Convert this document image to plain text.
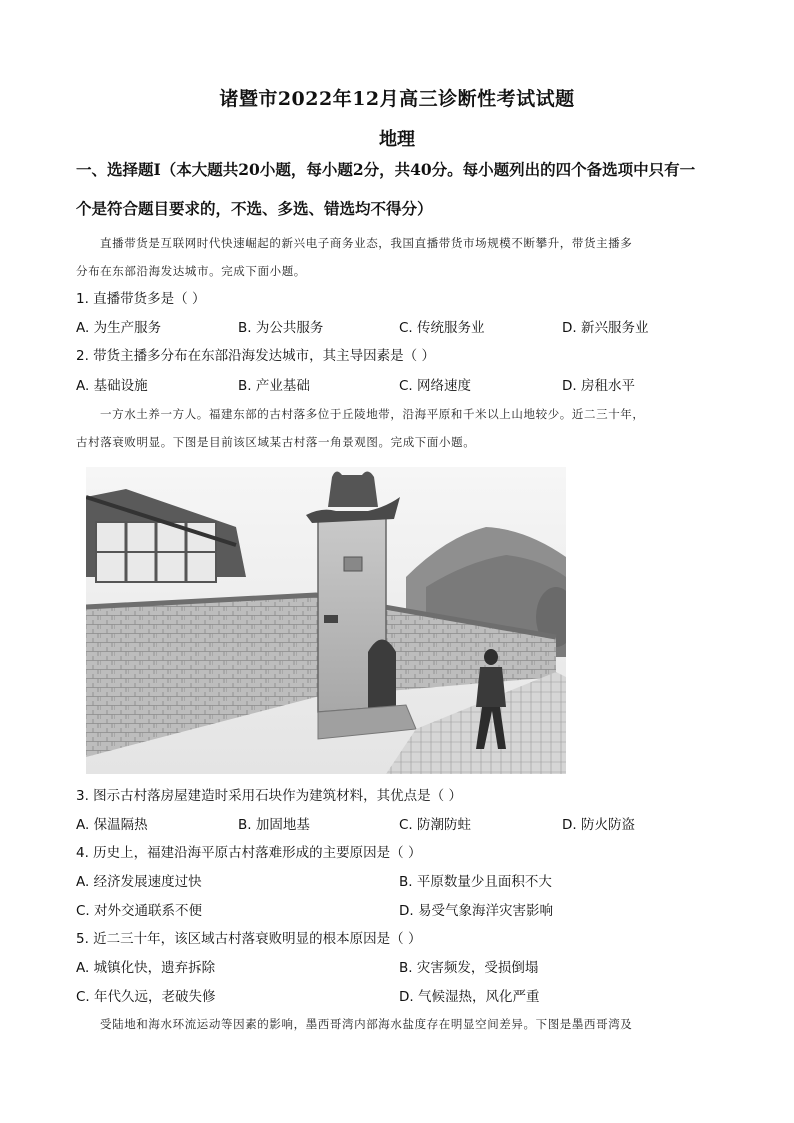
诸暨市2022年12月高三诊断性考试试题
地理
一、选择题Ⅰ（本大题共20小题，每小题2分，共40分。每小题列出的四个备选项中只有一
个是符合题目要求的，不选、多选、错选均不得分）
直播带货是互联网时代快速崛起的新兴电子商务业态，我国直播带货市场规模不断攀升，带货主播多
分布在东部沿海发达城市。完成下面小题。
1. 直播带货多是（ ）
A. 为生产服务	B. 为公共服务	C. 传统服务业	D. 新兴服务业
2. 带货主播多分布在东部沿海发达城市，其主导因素是（ ）
A. 基础设施	B. 产业基础	C. 网络速度	D. 房租水平
一方水土养一方人。福建东部的古村落多位于丘陵地带，沿海平原和千米以上山地较少。近二三十年，
古村落衰败明显。下图是目前该区域某古村落一角景观图。完成下面小题。
3. 图示古村落房屋建造时采用石块作为建筑材料，其优点是（ ）
A. 保温隔热	B. 加固地基	C. 防潮防蛀	D. 防火防盗
4. 历史上，福建沿海平原古村落难形成的主要原因是（ ）
A. 经济发展速度过快	B. 平原数量少且面积不大
C. 对外交通联系不便	D. 易受气象海洋灾害影响
5. 近二三十年，该区域古村落衰败明显的根本原因是（ ）
A. 城镇化快，遗弃拆除	B. 灾害频发，受损倒塌
C. 年代久远，老破失修	D. 气候湿热，风化严重
受陆地和海水环流运动等因素的影响，墨西哥湾内部海水盐度存在明显空间差异。下图是墨西哥湾及
